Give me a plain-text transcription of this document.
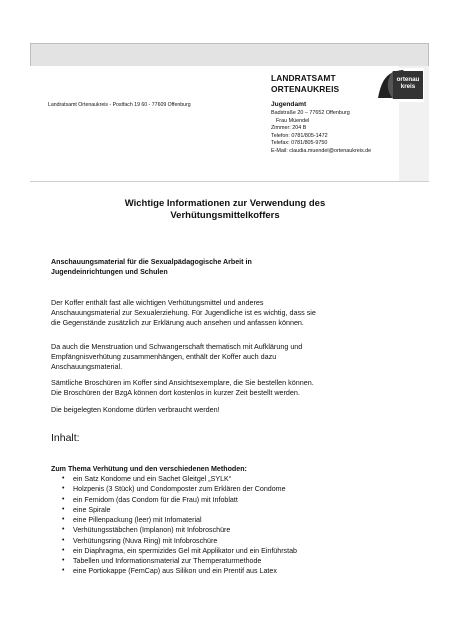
LANDRATSAMT
ORTENAUKREIS
ortenau
kreis
Landratsamt Ortenaukreis - Postfach 19 60 - 77609 Offenburg	Jugendamt
Badstraße 20 – 77652 Offenburg
Frau Müendel
Zimmer: 204 B
Telefon: 0781/805-1472
Telefax: 0781/805-9750
E-Mail: claudia.muendel@ortenaukreis.de
Wichtige Informationen zur Verwendung des
Verhütungsmittelkoffers
Anschauungsmaterial für die Sexualpädagogische Arbeit in
Jugendeinrichtungen und Schulen
Der Koffer enthält fast alle wichtigen Verhütungsmittel und anderes
Anschauungsmaterial zur Sexualerziehung. Für Jugendliche ist es wichtig, dass sie
die Gegenstände zusätzlich zur Erklärung auch ansehen und anfassen können.
Da auch die Menstruation und Schwangerschaft thematisch mit Aufklärung und
Empfängnisverhütung zusammenhängen, enthält der Koffer auch dazu
Anschauungsmaterial.
Sämtliche Broschüren im Koffer sind Ansichtsexemplare, die Sie bestellen können.
Die Broschüren der BzgA können dort kostenlos in kurzer Zeit bestellt werden.
Die beigelegten Kondome dürfen verbraucht werden!
Inhalt:
Zum Thema Verhütung und den verschiedenen Methoden:
• ein Satz Kondome und ein Sachet Gleitgel „SYLK“
• Holzpenis (3 Stück) und Condomposter zum Erklären der Condome
• ein Femidom (das Condom für die Frau) mit Infoblatt
• eine Spirale
• eine Pillenpackung (leer) mit Infomaterial
• Verhütungsstäbchen (Implanon) mit Infobroschüre
• Verhütungsring (Nuva Ring) mit Infobroschüre
• ein Diaphragma, ein spermizides Gel mit Applikator und ein Einführstab
• Tabellen und Informationsmaterial zur Themperaturmethode
• eine Portiokappe (FemCap) aus Silikon und ein Prentif aus Latex
